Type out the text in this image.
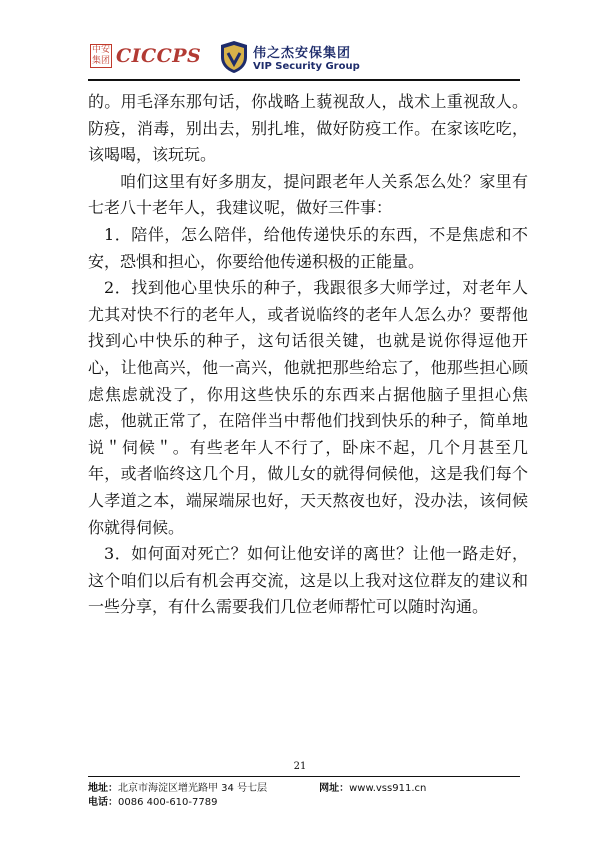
中安
集团 CICCPS	伟之杰安保集团
VIP Security Group

的。用毛泽东那句话，你战略上藐视敌人，战术上重视敌人。防疫，消毒，别出去，别扎堆，做好防疫工作。在家该吃吃，该喝喝，该玩玩。

咱们这里有好多朋友，提问跟老年人关系怎么处？家里有七老八十老年人，我建议呢，做好三件事：

1．陪伴，怎么陪伴，给他传递快乐的东西，不是焦虑和不安，恐惧和担心，你要给他传递积极的正能量。

2．找到他心里快乐的种子，我跟很多大师学过，对老年人尤其对快不行的老年人，或者说临终的老年人怎么办？要帮他找到心中快乐的种子，这句话很关键，也就是说你得逗他开心，让他高兴，他一高兴，他就把那些给忘了，他那些担心顾虑焦虑就没了，你用这些快乐的东西来占据他脑子里担心焦虑，他就正常了，在陪伴当中帮他们找到快乐的种子，简单地说＂伺候＂。有些老年人不行了，卧床不起，几个月甚至几年，或者临终这几个月，做儿女的就得伺候他，这是我们每个人孝道之本，端屎端尿也好，天天熬夜也好，没办法，该伺候你就得伺候。

3．如何面对死亡？如何让他安详的离世？让他一路走好，这个咱们以后有机会再交流，这是以上我对这位群友的建议和一些分享，有什么需要我们几位老师帮忙可以随时沟通。

21
地址： 北京市海淀区增光路甲 34 号七层	网址： www.vss911.cn
电话： 0086 400-610-7789
